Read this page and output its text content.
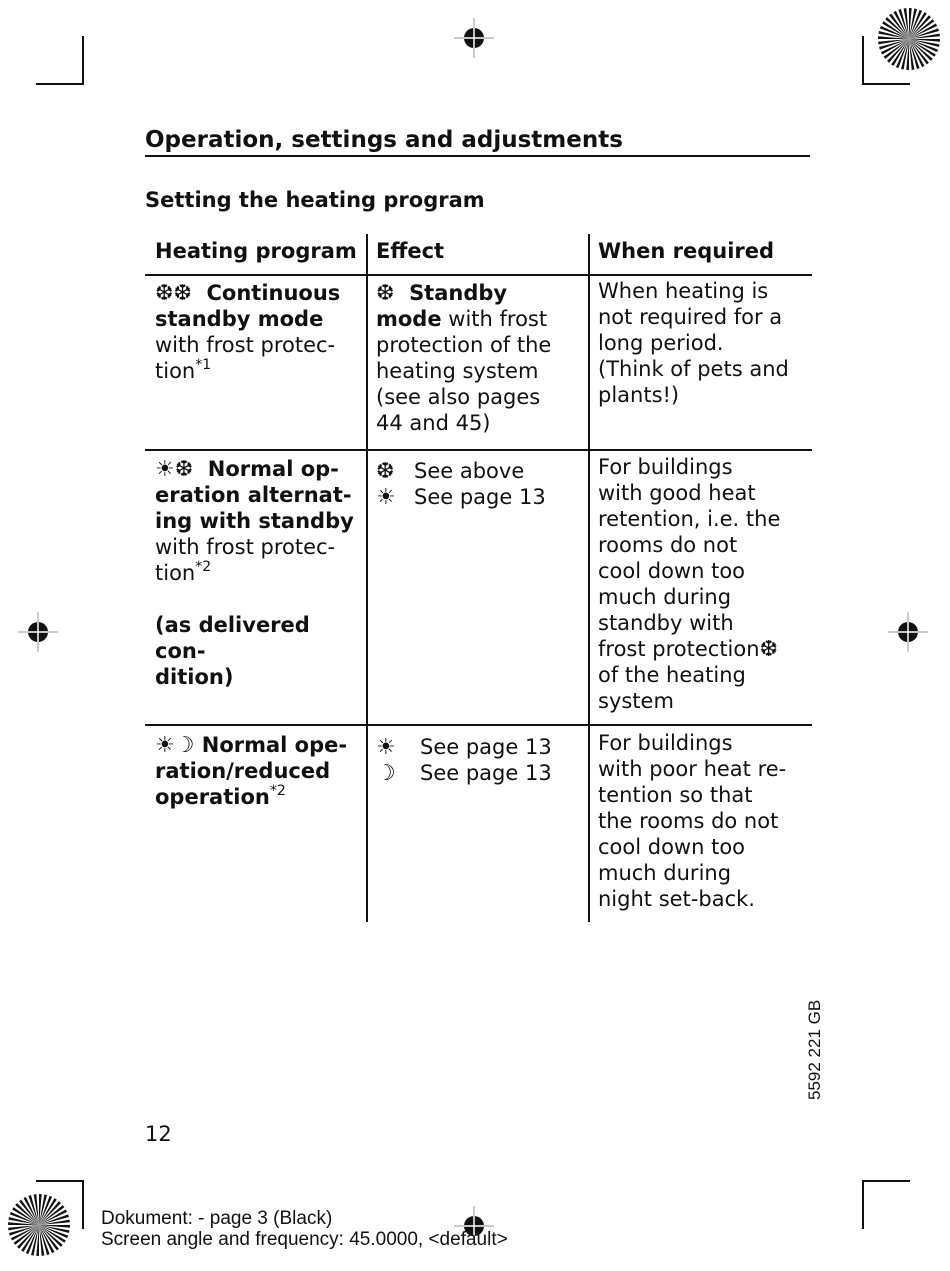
Operation, settings and adjustments
Setting the heating program
Heating program Effect	When required
❆❆ Continuous
standby mode
with frost protec-
tion$^{*1}$
❆ Standby
mode with frost
protection of the
heating system
(see also pages
44 and 45)
When heating is
not required for a
long period.
(Think of pets and
plants!)
☀❆ Normal op-
eration alternat-
ing with standby
with frost protec-
tion$^{*2}$

(as delivered con-
dition)
❆ See above
☀ See page 13
For buildings
with good heat
retention, i.e. the
rooms do not
cool down too
much during
standby with
frost protection❆
of the heating
system
☀☽ Normal ope-
ration/reduced
operation$^{*2}$
☀ See page 13
☽ See page 13
For buildings
with poor heat re-
tention so that
the rooms do not
cool down too
much during
night set-back.
5592 221 GB
12
Dokument: - page 3 (Black)
Screen angle and frequency: 45.0000, <default>
